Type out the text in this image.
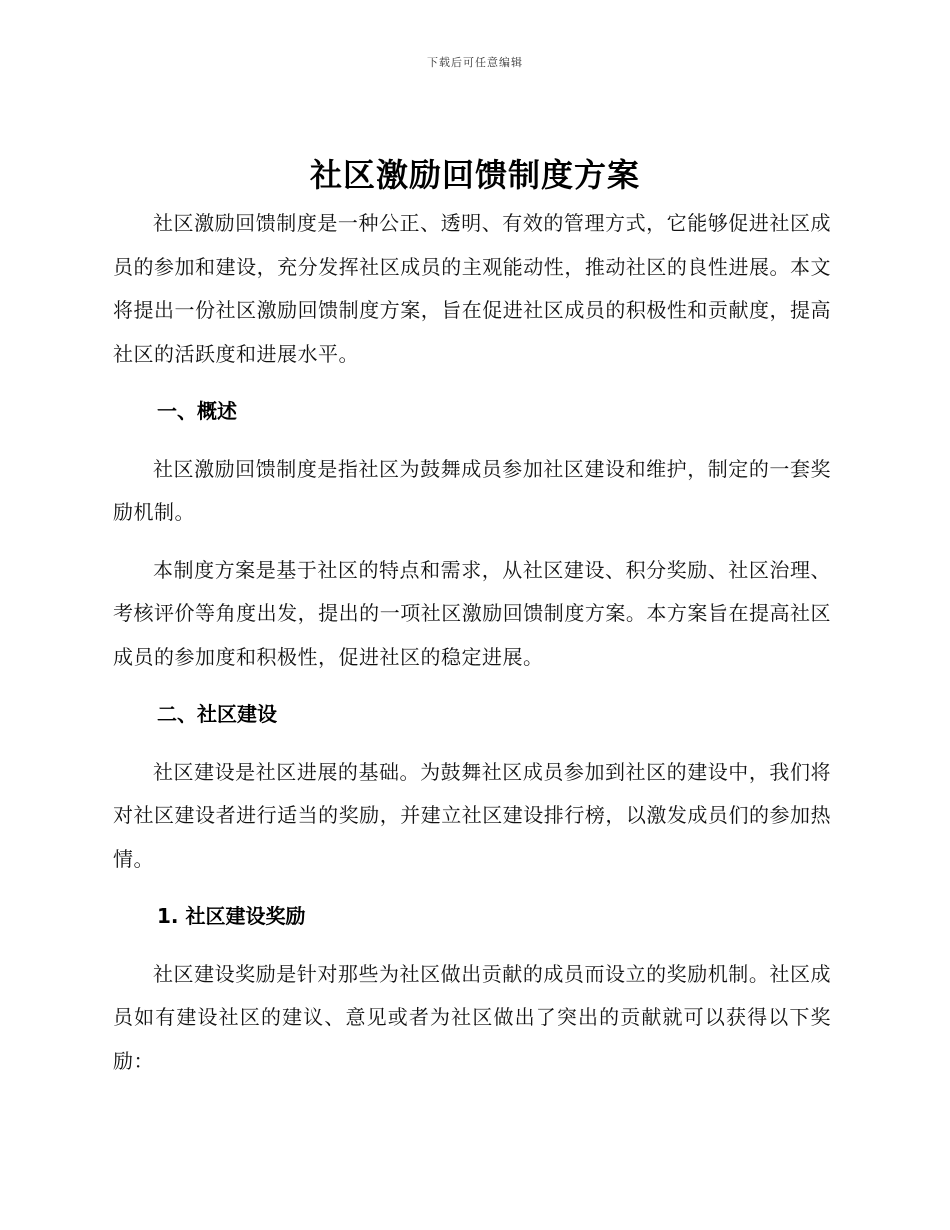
下载后可任意编辑
社区激励回馈制度方案

社区激励回馈制度是一种公正、透明、有效的管理方式，它能够促进社区成员的参加和建设，充分发挥社区成员的主观能动性，推动社区的良性进展。本文将提出一份社区激励回馈制度方案，旨在促进社区成员的积极性和贡献度，提高社区的活跃度和进展水平。

一、概述

社区激励回馈制度是指社区为鼓舞成员参加社区建设和维护，制定的一套奖励机制。

本制度方案是基于社区的特点和需求，从社区建设、积分奖励、社区治理、考核评价等角度出发，提出的一项社区激励回馈制度方案。本方案旨在提高社区成员的参加度和积极性，促进社区的稳定进展。

二、社区建设

社区建设是社区进展的基础。为鼓舞社区成员参加到社区的建设中，我们将对社区建设者进行适当的奖励，并建立社区建设排行榜，以激发成员们的参加热情。

1. 社区建设奖励

社区建设奖励是针对那些为社区做出贡献的成员而设立的奖励机制。社区成员如有建设社区的建议、意见或者为社区做出了突出的贡献就可以获得以下奖励：
